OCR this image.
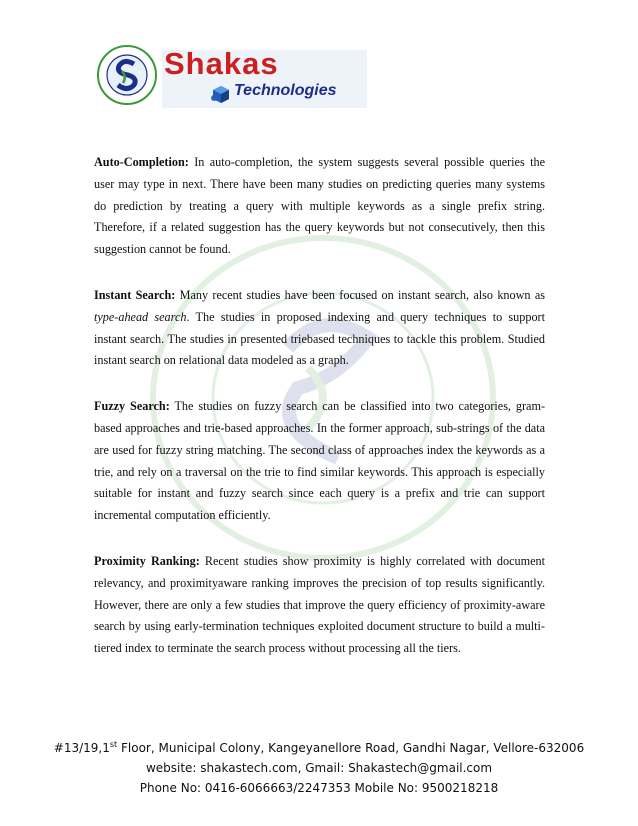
Shakas
Technologies

Auto-Completion: In auto-completion, the system suggests several possible queries the user may type in next. There have been many studies on predicting queries many systems do prediction by treating a query with multiple keywords as a single prefix string. Therefore, if a related suggestion has the query keywords but not consecutively, then this suggestion cannot be found.

Instant Search: Many recent studies have been focused on instant search, also known as type-ahead search. The studies in proposed indexing and query techniques to support instant search. The studies in presented triebased techniques to tackle this problem. Studied instant search on relational data modeled as a graph.

Fuzzy Search: The studies on fuzzy search can be classified into two categories, gram-based approaches and trie-based approaches. In the former approach, sub-strings of the data are used for fuzzy string matching. The second class of approaches index the keywords as a trie, and rely on a traversal on the trie to find similar keywords. This approach is especially suitable for instant and fuzzy search since each query is a prefix and trie can support incremental computation efficiently.

Proximity Ranking: Recent studies show proximity is highly correlated with document relevancy, and proximityaware ranking improves the precision of top results significantly. However, there are only a few studies that improve the query efficiency of proximity-aware search by using early-termination techniques exploited document structure to build a multi-tiered index to terminate the search process without processing all the tiers.

#13/19,1st Floor, Municipal Colony, Kangeyanellore Road, Gandhi Nagar, Vellore-632006
website: shakastech.com, Gmail: Shakastech@gmail.com
Phone No: 0416-6066663/2247353 Mobile No: 9500218218
